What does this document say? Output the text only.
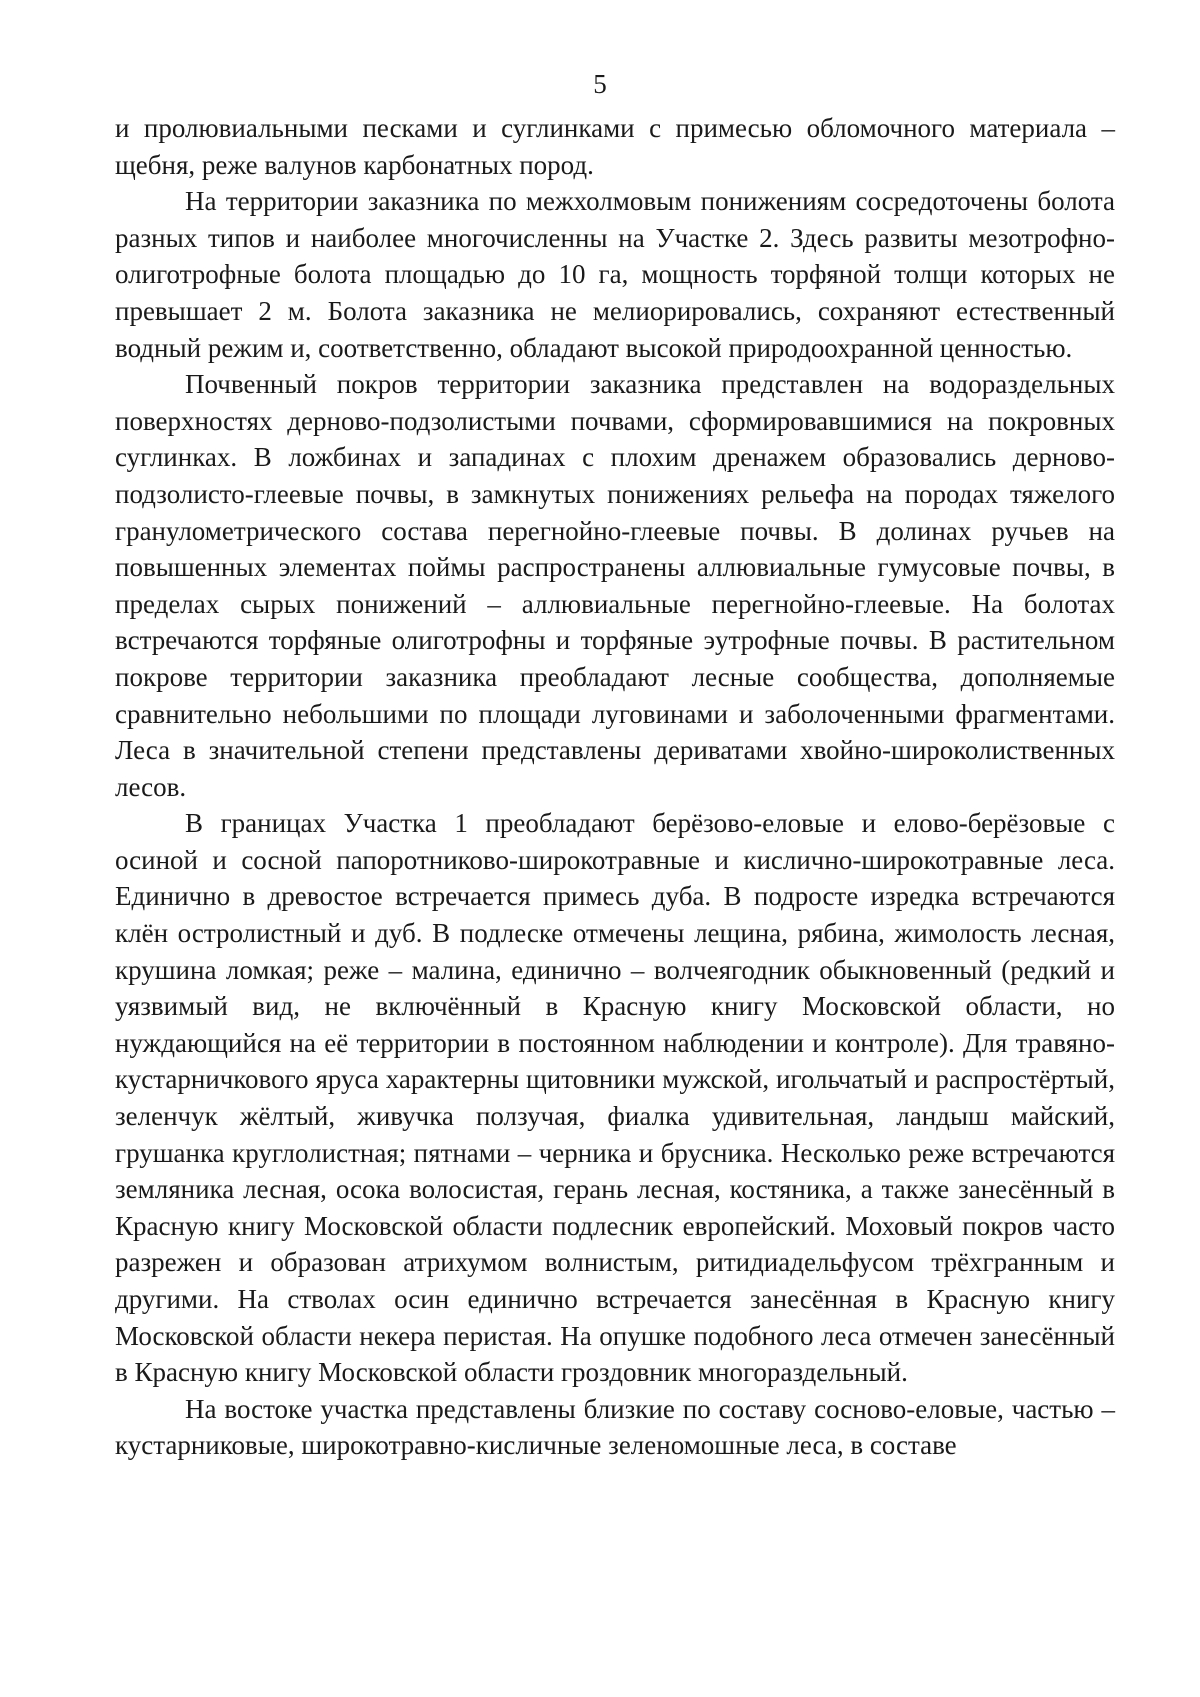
5

и пролювиальными песками и суглинками с примесью обломочного материала – щебня, реже валунов карбонатных пород.

На территории заказника по межхолмовым понижениям сосредоточены болота разных типов и наиболее многочисленны на Участке 2. Здесь развиты мезотрофно-олиготрофные болота площадью до 10 га, мощность торфяной толщи которых не превышает 2 м. Болота заказника не мелиорировались, сохраняют естественный водный режим и, соответственно, обладают высокой природоохранной ценностью.

Почвенный покров территории заказника представлен на водораздельных поверхностях дерново-подзолистыми почвами, сформировавшимися на покровных суглинках. В ложбинах и западинах с плохим дренажем образовались дерново-подзолисто-глеевые почвы, в замкнутых понижениях рельефа на породах тяжелого гранулометрического состава перегнойно-глеевые почвы. В долинах ручьев на повышенных элементах поймы распространены аллювиальные гумусовые почвы, в пределах сырых понижений – аллювиальные перегнойно-глеевые. На болотах встречаются торфяные олиготрофны и торфяные эутрофные почвы. В растительном покрове территории заказника преобладают лесные сообщества, дополняемые сравнительно небольшими по площади луговинами и заболоченными фрагментами. Леса в значительной степени представлены дериватами хвойно-широколиственных лесов.

В границах Участка 1 преобладают берёзово-еловые и елово-берёзовые с осиной и сосной папоротниково-широкотравные и кислично-широкотравные леса. Единично в древостое встречается примесь дуба. В подросте изредка встречаются клён остролистный и дуб. В подлеске отмечены лещина, рябина, жимолость лесная, крушина ломкая; реже – малина, единично – волчеягодник обыкновенный (редкий и уязвимый вид, не включённый в Красную книгу Московской области, но нуждающийся на её территории в постоянном наблюдении и контроле). Для травяно-кустарничкового яруса характерны щитовники мужской, игольчатый и распростёртый, зеленчук жёлтый, живучка ползучая, фиалка удивительная, ландыш майский, грушанка круглолистная; пятнами – черника и брусника. Несколько реже встречаются земляника лесная, осока волосистая, герань лесная, костяника, а также занесённый в Красную книгу Московской области подлесник европейский. Моховый покров часто разрежен и образован атрихумом волнистым, ритидиадельфусом трёхгранным и другими. На стволах осин единично встречается занесённая в Красную книгу Московской области некера перистая. На опушке подобного леса отмечен занесённый в Красную книгу Московской области гроздовник многораздельный.

На востоке участка представлены близкие по составу сосново-еловые, частью – кустарниковые, широкотравно-кисличные зеленомошные леса, в составе
